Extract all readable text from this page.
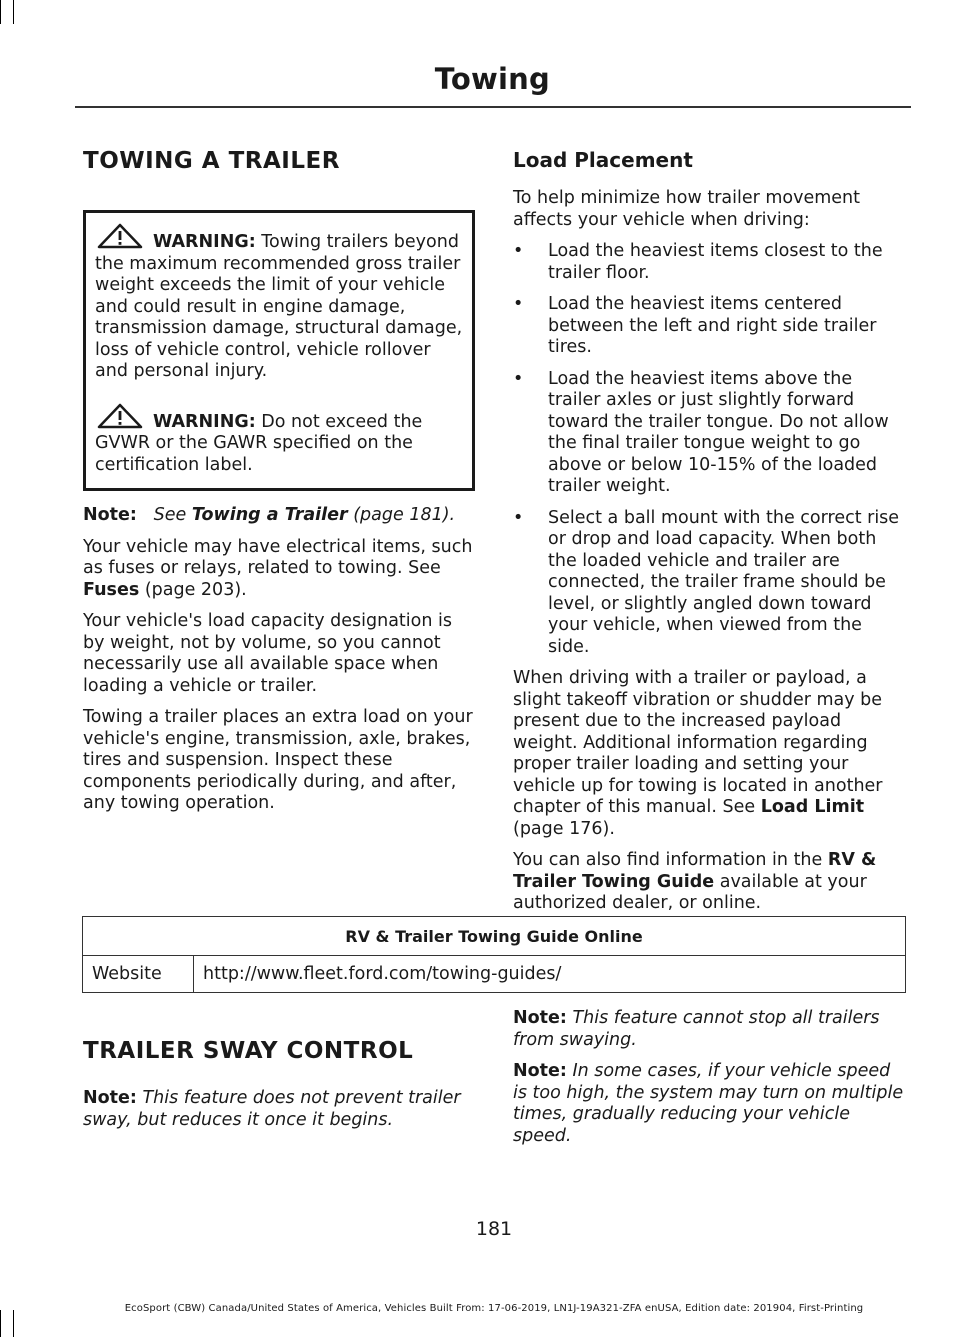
Towing
TOWING A TRAILER
WARNING: Towing trailers beyond the maximum recommended gross trailer weight exceeds the limit of your vehicle and could result in engine damage, transmission damage, structural damage, loss of vehicle control, vehicle rollover and personal injury.
WARNING: Do not exceed the GVWR or the GAWR specified on the certification label.

Note: See Towing a Trailer (page 181).

Your vehicle may have electrical items, such as fuses or relays, related to towing. See Fuses (page 203).

Your vehicle's load capacity designation is by weight, not by volume, so you cannot necessarily use all available space when loading a vehicle or trailer.

Towing a trailer places an extra load on your vehicle's engine, transmission, axle, brakes, tires and suspension. Inspect these components periodically during, and after, any towing operation.

Load Placement

To help minimize how trailer movement affects your vehicle when driving:

• Load the heaviest items closest to the trailer floor.
• Load the heaviest items centered between the left and right side trailer tires.
• Load the heaviest items above the trailer axles or just slightly forward toward the trailer tongue. Do not allow the final trailer tongue weight to go above or below 10-15% of the loaded trailer weight.
• Select a ball mount with the correct rise or drop and load capacity. When both the loaded vehicle and trailer are connected, the trailer frame should be level, or slightly angled down toward your vehicle, when viewed from the side.

When driving with a trailer or payload, a slight takeoff vibration or shudder may be present due to the increased payload weight. Additional information regarding proper trailer loading and setting your vehicle up for towing is located in another chapter of this manual. See Load Limit (page 176).

You can also find information in the RV & Trailer Towing Guide available at your authorized dealer, or online.

RV & Trailer Towing Guide Online
Website	http://www.fleet.ford.com/towing-guides/
TRAILER SWAY CONTROL

Note: This feature does not prevent trailer sway, but reduces it once it begins.

Note: This feature cannot stop all trailers from swaying.

Note: In some cases, if your vehicle speed is too high, the system may turn on multiple times, gradually reducing your vehicle speed.

181
EcoSport (CBW) Canada/United States of America, Vehicles Built From: 17-06-2019, LN1J-19A321-ZFA enUSA, Edition date: 201904, First-Printing
